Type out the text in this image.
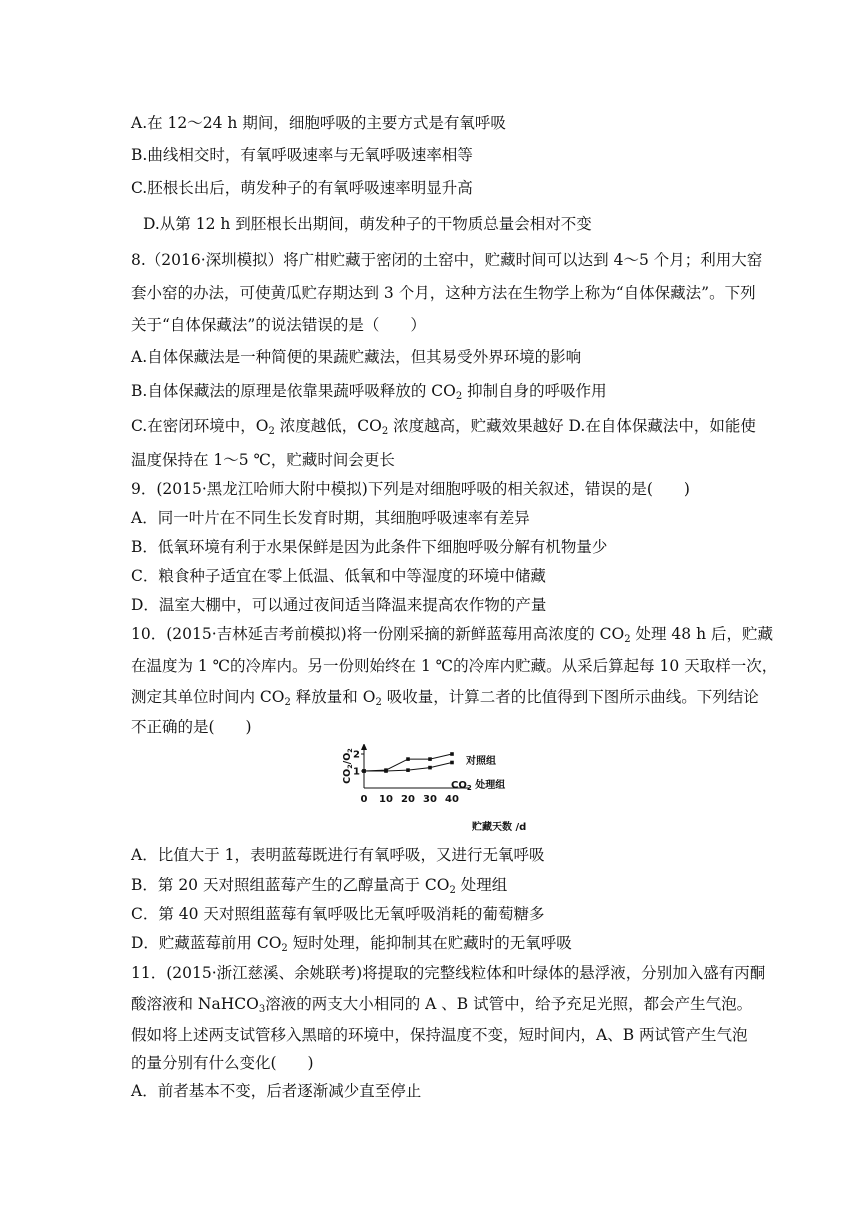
A.在 12～24 h 期间，细胞呼吸的主要方式是有氧呼吸
B.曲线相交时，有氧呼吸速率与无氧呼吸速率相等
C.胚根长出后，萌发种子的有氧呼吸速率明显升高
D.从第 12 h 到胚根长出期间，萌发种子的干物质总量会相对不变
8.（2016·深圳模拟）将广柑贮藏于密闭的土窑中，贮藏时间可以达到 4～5 个月；利用大窑
套小窑的办法，可使黄瓜贮存期达到 3 个月，这种方法在生物学上称为“自体保藏法”。下列
关于“自体保藏法”的说法错误的是（　　）
A.自体保藏法是一种简便的果蔬贮藏法，但其易受外界环境的影响
B.自体保藏法的原理是依靠果蔬呼吸释放的 $CO_2$ 抑制自身的呼吸作用
C.在密闭环境中，$O_2$ 浓度越低，$CO_2$ 浓度越高，贮藏效果越好 D.在自体保藏法中，如能使
温度保持在 1～5 ℃，贮藏时间会更长
9．(2015·黑龙江哈师大附中模拟)下列是对细胞呼吸的相关叙述，错误的是(　　)
A．同一叶片在不同生长发育时期，其细胞呼吸速率有差异
B．低氧环境有利于水果保鲜是因为此条件下细胞呼吸分解有机物量少
C．粮食种子适宜在零上低温、低氧和中等湿度的环境中储藏
D．温室大棚中，可以通过夜间适当降温来提高农作物的产量
10．(2015·吉林延吉考前模拟)将一份刚采摘的新鲜蓝莓用高浓度的 $CO_2$ 处理 48 h 后，贮藏
在温度为 1 ℃的冷库内。另一份则始终在 1 ℃的冷库内贮藏。从采后算起每 10 天取样一次，
测定其单位时间内 $CO_2$ 释放量和 $O_2$ 吸收量，计算二者的比值得到下图所示曲线。下列结论
不正确的是(　　)
0 10 20 30 40
1
2
$CO_2/O_2$
贮藏天数 /d
对照组
$CO_2$ 处理组
A．比值大于 1，表明蓝莓既进行有氧呼吸，又进行无氧呼吸
B．第 20 天对照组蓝莓产生的乙醇量高于 $CO_2$ 处理组
C．第 40 天对照组蓝莓有氧呼吸比无氧呼吸消耗的葡萄糖多
D．贮藏蓝莓前用 $CO_2$ 短时处理，能抑制其在贮藏时的无氧呼吸
11．(2015·浙江慈溪、余姚联考)将提取的完整线粒体和叶绿体的悬浮液，分别加入盛有丙酮
酸溶液和 NaHCO$_3$溶液的两支大小相同的 A 、B 试管中，给予充足光照，都会产生气泡。
假如将上述两支试管移入黑暗的环境中，保持温度不变，短时间内，A、B 两试管产生气泡
的量分别有什么变化(　　)
A．前者基本不变，后者逐渐减少直至停止
